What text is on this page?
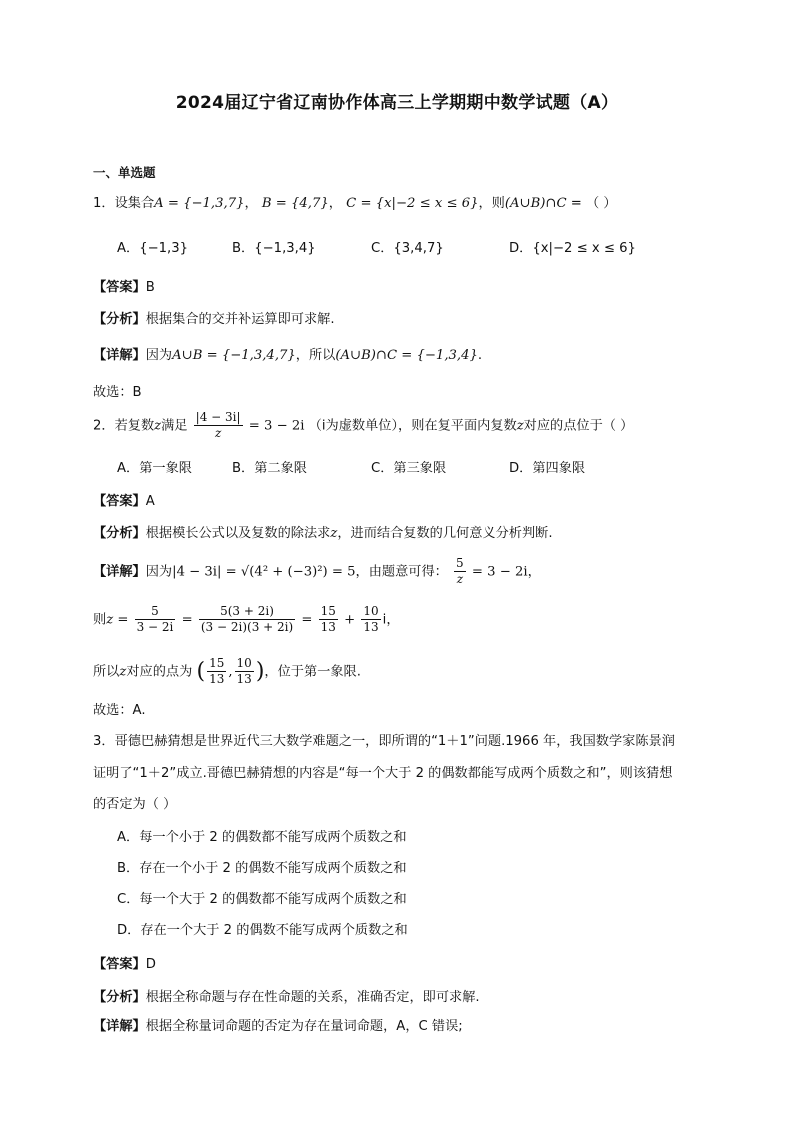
2024届辽宁省辽南协作体高三上学期期中数学试题（A）
一、单选题
1．设集合A = {−1,3,7}， B = {4,7}， C = {x|−2 ≤ x ≤ 6}，则(A∪B)∩C = （ ）
A．{−1,3}	B．{−1,3,4}	C．{3,4,7}	D．{x|−2 ≤ x ≤ 6}
【答案】B
【分析】根据集合的交并补运算即可求解.
【详解】因为A∪B = {−1,3,4,7}，所以(A∪B)∩C = {−1,3,4}.
故选：B
2．若复数z满足 $\frac{|4 - 3i|}{z} = 3 - 2i$ （i为虚数单位），则在复平面内复数z对应的点位于（ ）
A．第一象限	B．第二象限	C．第三象限	D．第四象限
【答案】A
【分析】根据模长公式以及复数的除法求z，进而结合复数的几何意义分析判断.
【详解】因为|4 − 3i| = √(4² + (−3)²) = 5，由题意可得： $\frac{5}{z} = 3 - 2i$，
则$z = \frac{5}{3 - 2i} = \frac{5(3 + 2i)}{(3 - 2i)(3 + 2i)} = \frac{15}{13} + \frac{10}{13}$ i，
所以z对应的点为 ( $\frac{15}{13}$ , $\frac{10}{13}$ )，位于第一象限.
故选：A.
3．哥德巴赫猜想是世界近代三大数学难题之一，即所谓的“1＋1”问题.1966 年，我国数学家陈景润
证明了“1＋2”成立.哥德巴赫猜想的内容是“每一个大于 2 的偶数都能写成两个质数之和”，则该猜想
的否定为（ ）
A．每一个小于 2 的偶数都不能写成两个质数之和
B．存在一个小于 2 的偶数不能写成两个质数之和
C．每一个大于 2 的偶数都不能写成两个质数之和
D．存在一个大于 2 的偶数不能写成两个质数之和
【答案】D
【分析】根据全称命题与存在性命题的关系，准确否定，即可求解.
【详解】根据全称量词命题的否定为存在量词命题，A，C 错误;
